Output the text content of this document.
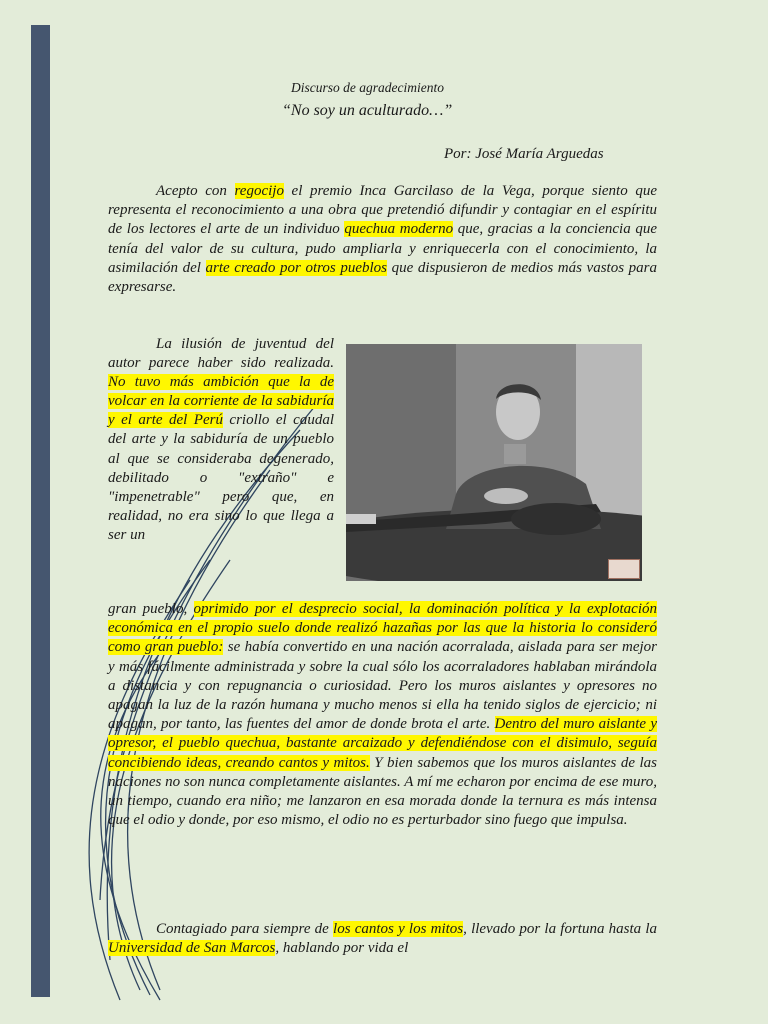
Discurso de agradecimiento
“No soy un aculturado…”
Por: José María Arguedas

Acepto con regocijo el premio Inca Garcilaso de la Vega, porque siento que representa el reconocimiento a una obra que pretendió difundir y contagiar en el espíritu de los lectores el arte de un individuo quechua moderno que, gracias a la conciencia que tenía del valor de su cultura, pudo ampliarla y enriquecerla con el conocimiento, la asimilación del arte creado por otros pueblos que dispusieron de medios más vastos para expresarse.

La ilusión de juventud del autor parece haber sido realizada. No tuvo más ambición que la de volcar en la corriente de la sabiduría y el arte del Perú criollo el caudal del arte y la sabiduría de un pueblo al que se consideraba degenerado, debilitado o "extraño" e "impenetrable" pero que, en realidad, no era sino lo que llega a ser un

gran pueblo, oprimido por el desprecio social, la dominación política y la explotación económica en el propio suelo donde realizó hazañas por las que la historia lo consideró como gran pueblo: se había convertido en una nación acorralada, aislada para ser mejor y más fácilmente administrada y sobre la cual sólo los acorraladores hablaban mirándola a distancia y con repugnancia o curiosidad. Pero los muros aislantes y opresores no apagan la luz de la razón humana y mucho menos si ella ha tenido siglos de ejercicio; ni apagan, por tanto, las fuentes del amor de donde brota el arte. Dentro del muro aislante y opresor, el pueblo quechua, bastante arcaizado y defendiéndose con el disimulo, seguía concibiendo ideas, creando cantos y mitos. Y bien sabemos que los muros aislantes de las naciones no son nunca completamente aislantes. A mí me echaron por encima de ese muro, un tiempo, cuando era niño; me lanzaron en esa morada donde la ternura es más intensa que el odio y donde, por eso mismo, el odio no es perturbador sino fuego que impulsa.

Contagiado para siempre de los cantos y los mitos, llevado por la fortuna hasta la Universidad de San Marcos, hablando por vida el
